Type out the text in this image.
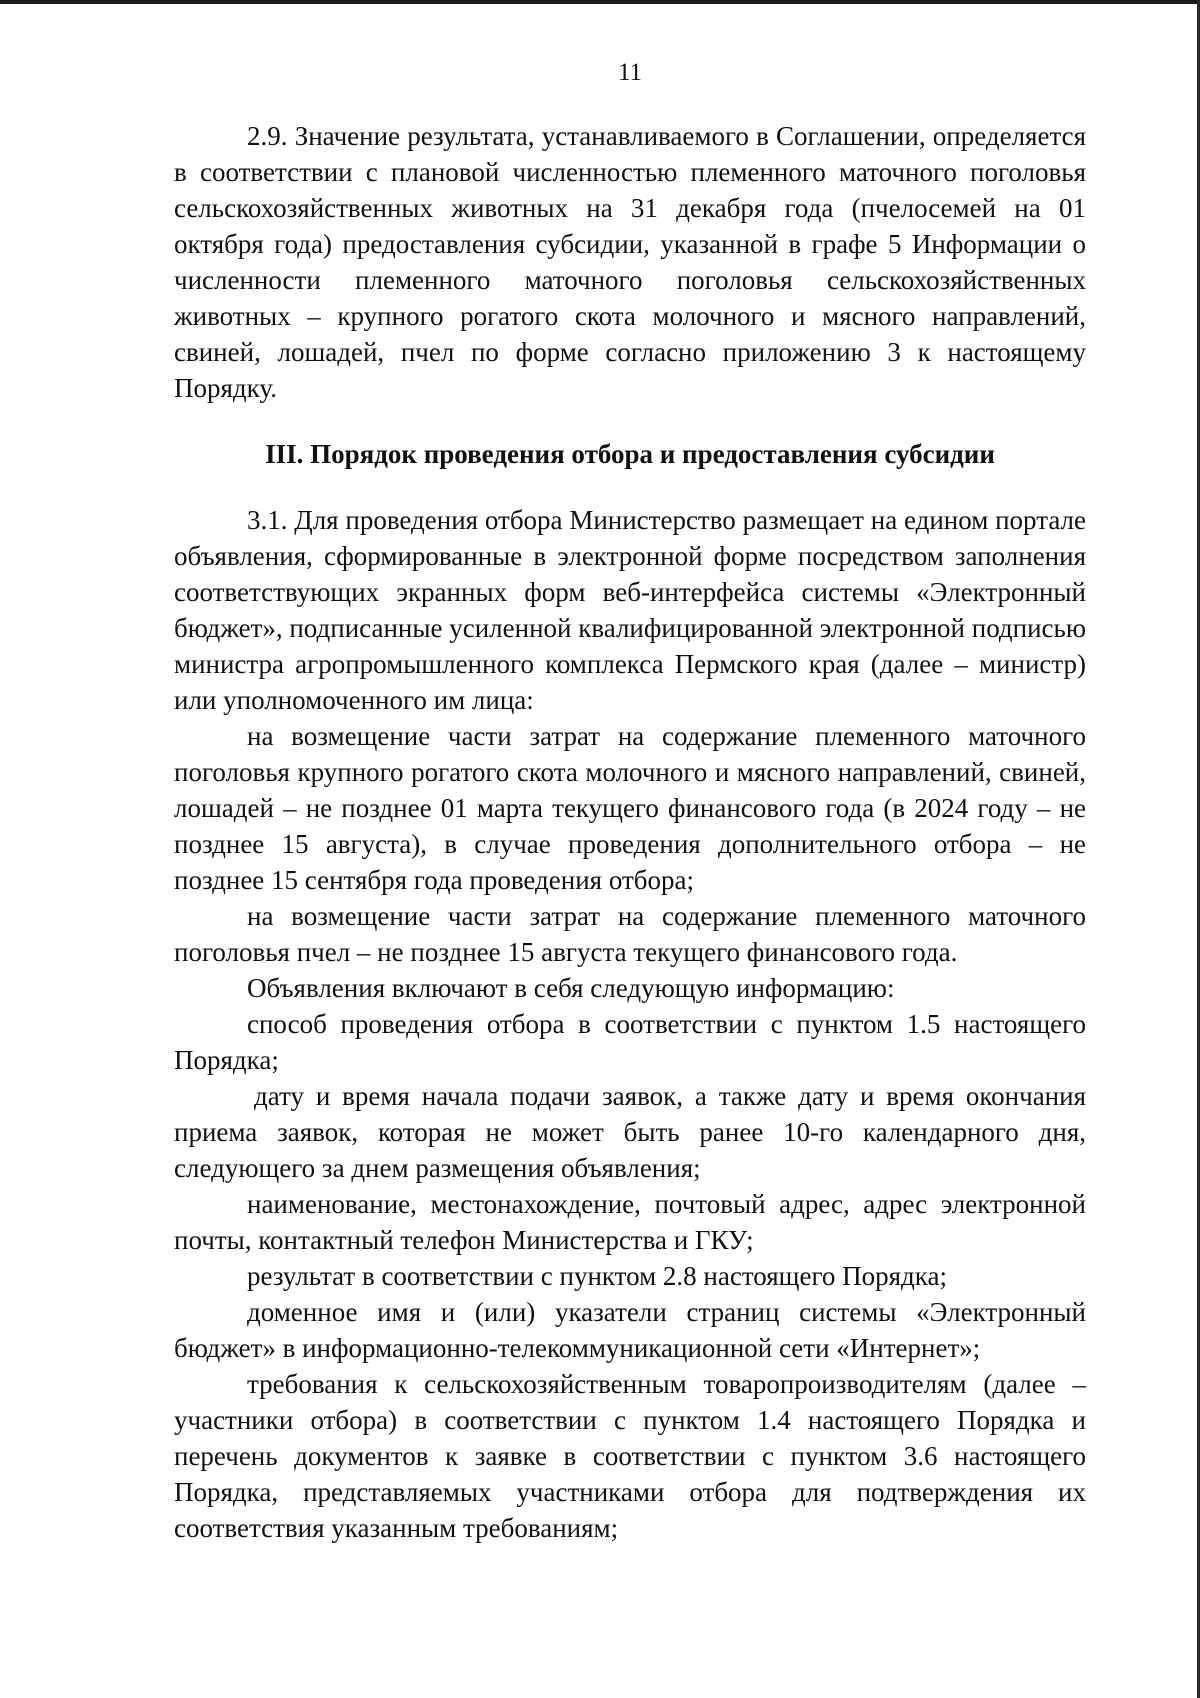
11

2.9. Значение результата, устанавливаемого в Соглашении, определяется в соответствии с плановой численностью племенного маточного поголовья сельскохозяйственных животных на 31 декабря года (пчелосемей на 01 октября года) предоставления субсидии, указанной в графе 5 Информации о численности племенного маточного поголовья сельскохозяйственных животных – крупного рогатого скота молочного и мясного направлений, свиней, лошадей, пчел по форме согласно приложению 3 к настоящему Порядку.

III. Порядок проведения отбора и предоставления субсидии

3.1. Для проведения отбора Министерство размещает на едином портале объявления, сформированные в электронной форме посредством заполнения соответствующих экранных форм веб-интерфейса системы «Электронный бюджет», подписанные усиленной квалифицированной электронной подписью министра агропромышленного комплекса Пермского края (далее – министр) или уполномоченного им лица:

на возмещение части затрат на содержание племенного маточного поголовья крупного рогатого скота молочного и мясного направлений, свиней, лошадей – не позднее 01 марта текущего финансового года (в 2024 году – не позднее 15 августа), в случае проведения дополнительного отбора – не позднее 15 сентября года проведения отбора;

на возмещение части затрат на содержание племенного маточного поголовья пчел – не позднее 15 августа текущего финансового года.

Объявления включают в себя следующую информацию:

способ проведения отбора в соответствии с пунктом 1.5 настоящего Порядка;

дату и время начала подачи заявок, а также дату и время окончания приема заявок, которая не может быть ранее 10-го календарного дня, следующего за днем размещения объявления;

наименование, местонахождение, почтовый адрес, адрес электронной почты, контактный телефон Министерства и ГКУ;

результат в соответствии с пунктом 2.8 настоящего Порядка;

доменное имя и (или) указатели страниц системы «Электронный бюджет» в информационно-телекоммуникационной сети «Интернет»;

требования к сельскохозяйственным товаропроизводителям (далее – участники отбора) в соответствии с пунктом 1.4 настоящего Порядка и перечень документов к заявке в соответствии с пунктом 3.6 настоящего Порядка, представляемых участниками отбора для подтверждения их соответствия указанным требованиям;
